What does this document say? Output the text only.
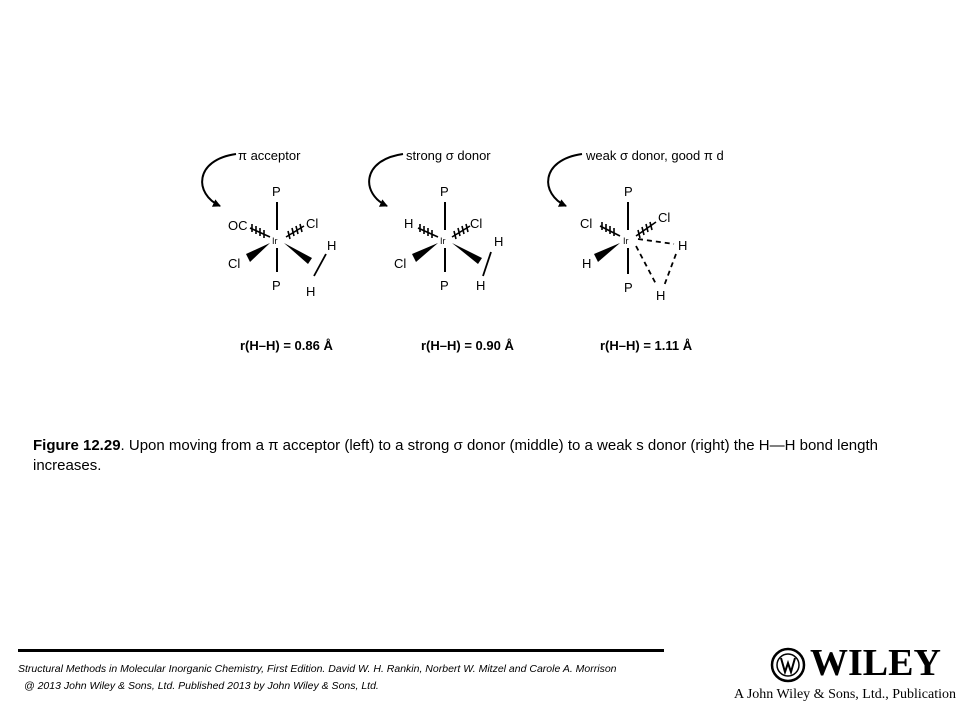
π acceptor
P
Ir
P
OC	Cl
Cl
H
H
r(H–H) = 0.86 Å
strong σ donor
P
Ir
P
H	Cl
Cl
H
H
r(H–H) = 0.90 Å
weak σ donor, good π d
P
Ir
P
Cl	Cl
H
H
H
r(H–H) = 1.11 Å
Figure 12.29. Upon moving from a π acceptor (left) to a strong σ donor (middle) to a weak s donor (right) the H—H bond length increases.
Structural Methods in Molecular Inorganic Chemistry, First Edition. David W. H. Rankin, Norbert W. Mitzel and Carole A. Morrison
@ 2013 John Wiley & Sons, Ltd. Published 2013 by John Wiley & Sons, Ltd.
WILEY
A John Wiley & Sons, Ltd., Publication
